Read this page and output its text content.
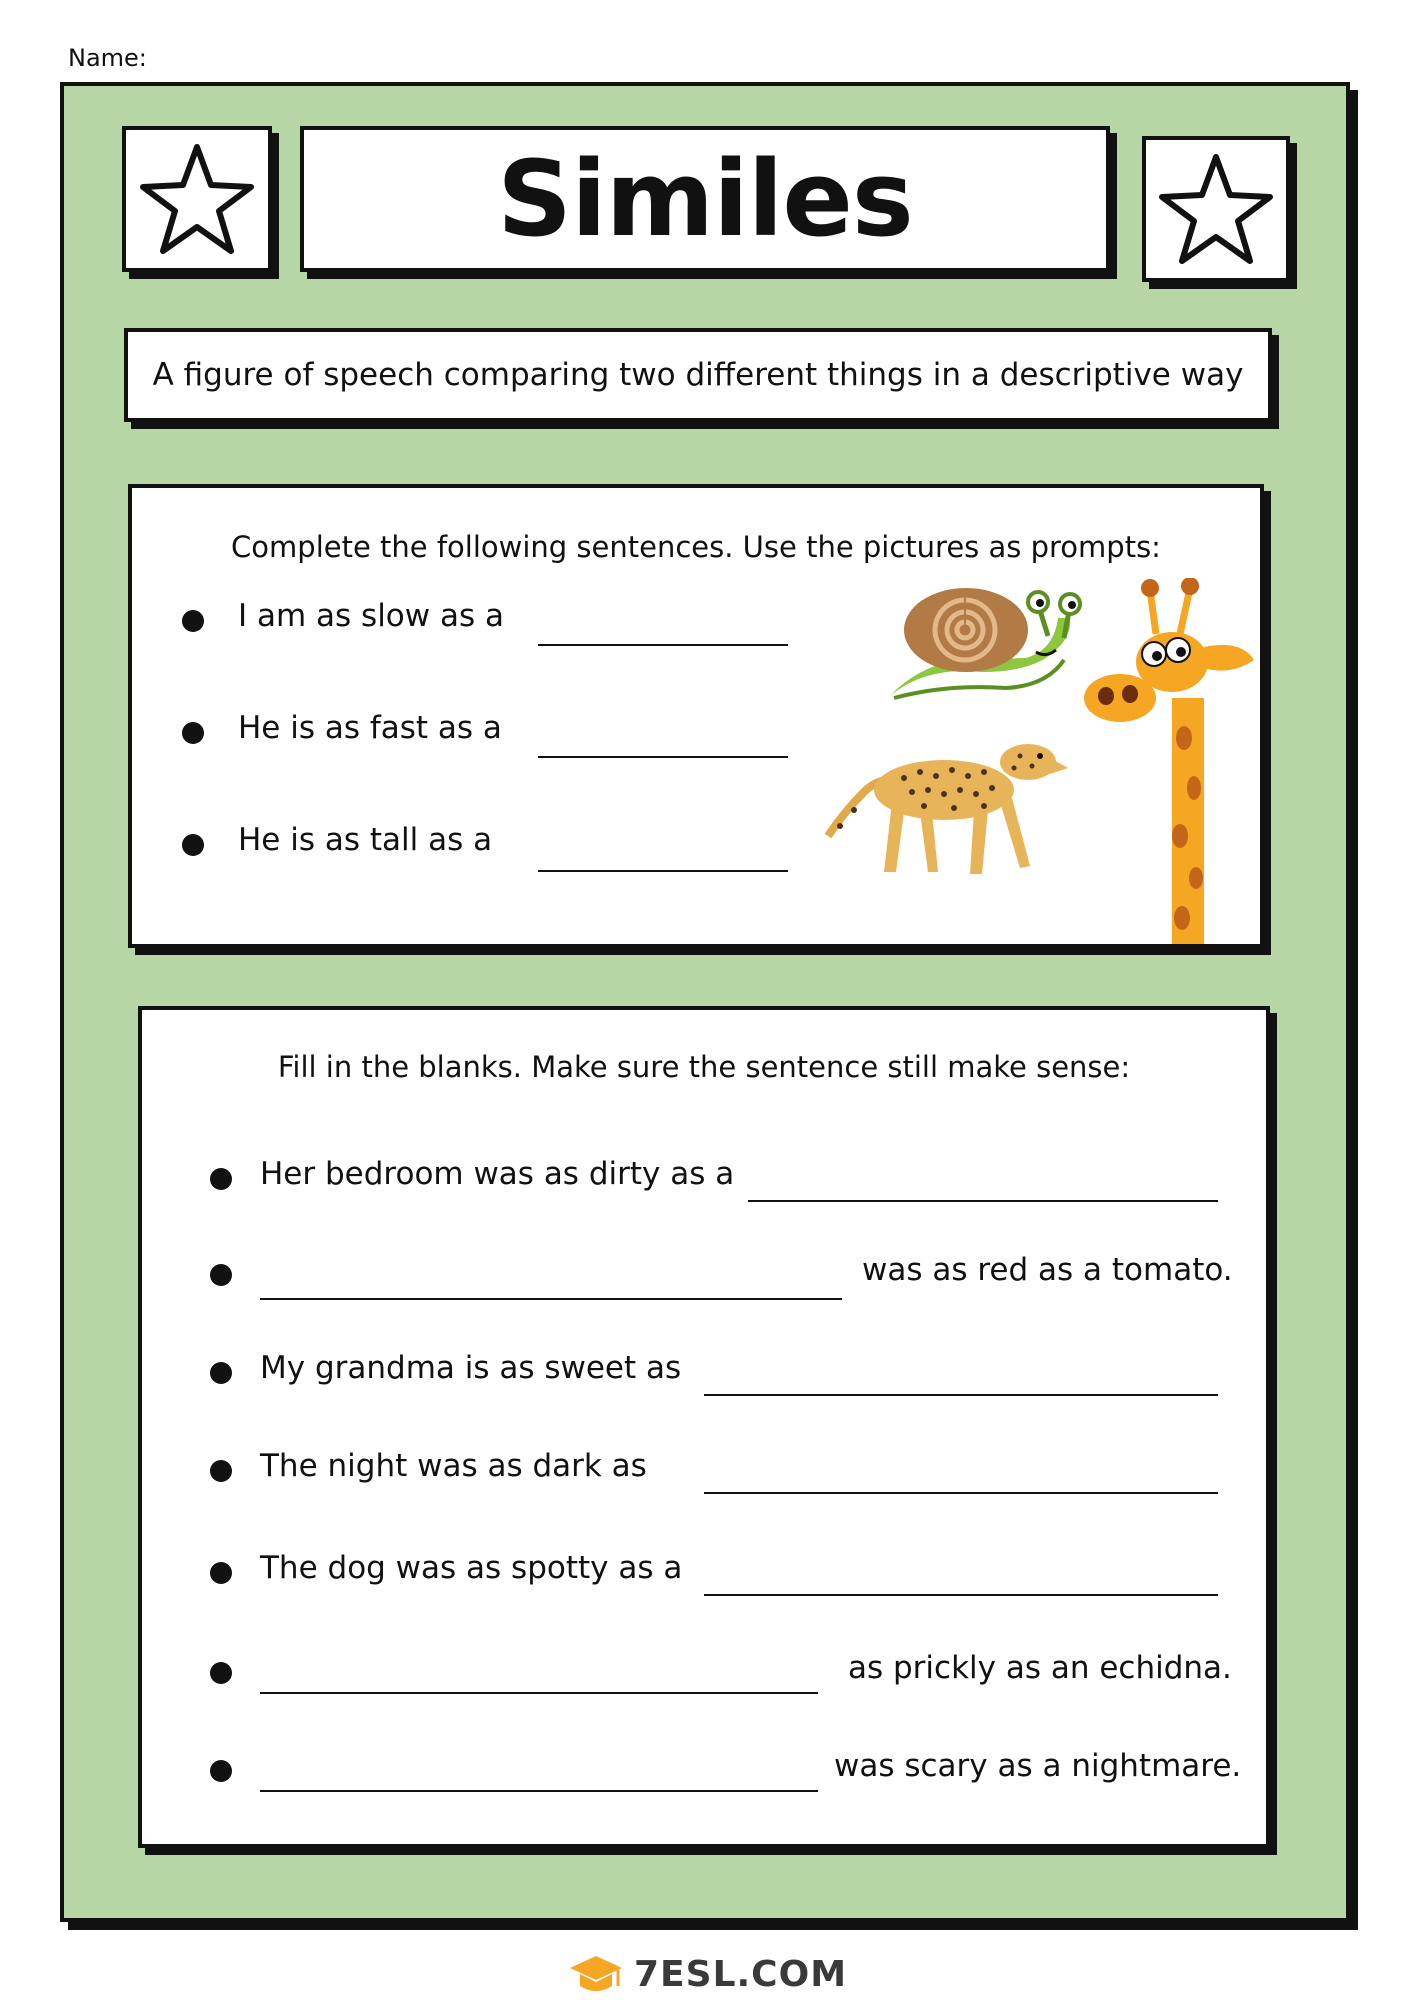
Name:
Similes
A figure of speech comparing two different things in a descriptive way
Complete the following sentences. Use the pictures as prompts:
I am as slow as a
He is as fast as a
He is as tall as a
Fill in the blanks. Make sure the sentence still make sense:
Her bedroom was as dirty as a
was as red as a tomato.
My grandma is as sweet as
The night was as dark as
The dog was as spotty as a
as prickly as an echidna.
was scary as a nightmare.
7ESL.COM
